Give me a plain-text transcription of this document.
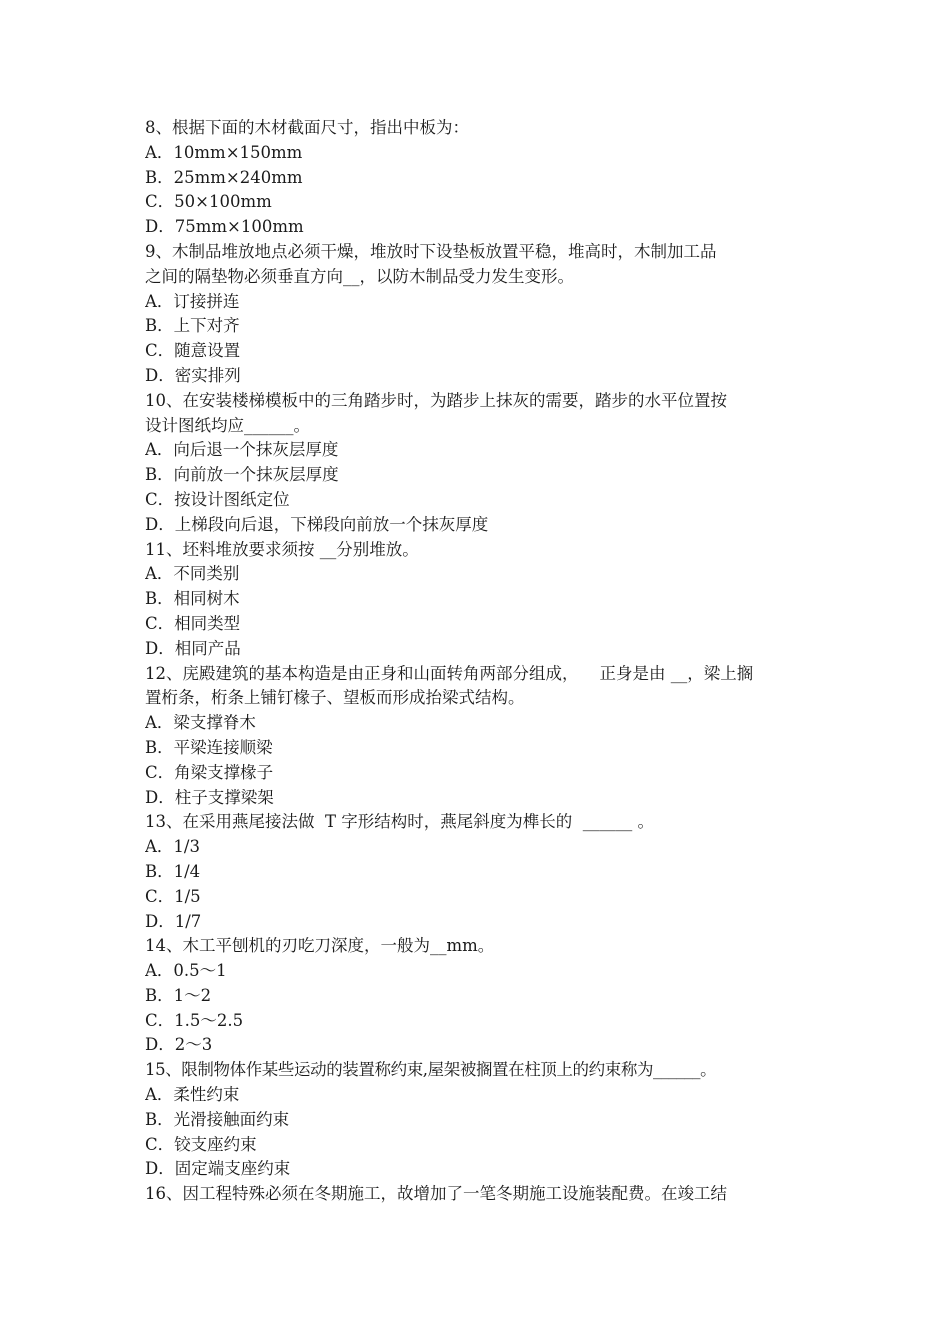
8、根据下面的木材截面尺寸，指出中板为：
A．10mm×150mm
B．25mm×240mm
C．50×100mm
D．75mm×100mm
9、木制品堆放地点必须干燥，堆放时下设垫板放置平稳，堆高时，木制加工品
之间的隔垫物必须垂直方向__，以防木制品受力发生变形。
A．订接拼连
B．上下对齐
C．随意设置
D．密实排列
10、在安装楼梯模板中的三角踏步时，为踏步上抹灰的需要，踏步的水平位置按
设计图纸均应______。
A．向后退一个抹灰层厚度
B．向前放一个抹灰层厚度
C．按设计图纸定位
D．上梯段向后退，下梯段向前放一个抹灰厚度
11、坯料堆放要求须按 __分别堆放。
A．不同类别
B．相同树木
C．相同类型
D．相同产品
12、庑殿建筑的基本构造是由正身和山面转角两部分组成，    正身是由 __，梁上搁
置桁条，桁条上铺钉椽子、望板而形成抬梁式结构。
A．梁支撑脊木
B．平梁连接顺梁
C．角梁支撑椽子
D．柱子支撑梁架
13、在采用燕尾接法做  T 字形结构时，燕尾斜度为榫长的  ______ 。
A．1/3
B．1/4
C．1/5
D．1/7
14、木工平刨机的刃吃刀深度，一般为__mm。
A．0.5～1
B．1～2
C．1.5～2.5
D．2～3
15、限制物体作某些运动的装置称约束,屋架被搁置在柱顶上的约束称为______。
A．柔性约束
B．光滑接触面约束
C．铰支座约束
D．固定端支座约束
16、因工程特殊必须在冬期施工，故增加了一笔冬期施工设施装配费。在竣工结
